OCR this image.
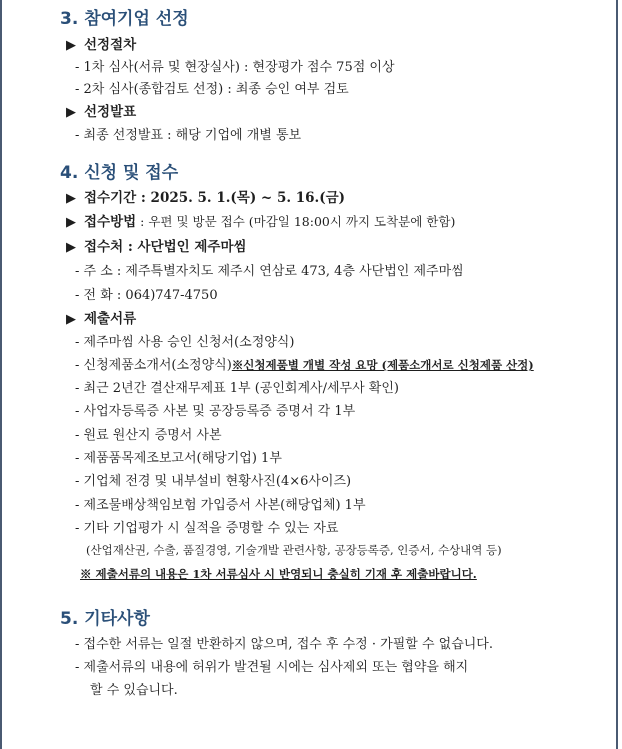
3. 참여기업 선정
▶ 선정절차
- 1차 심사(서류 및 현장실사) : 현장평가 점수 75점 이상
- 2차 심사(종합검토 선정) : 최종 승인 여부 검토
▶ 선정발표
- 최종 선정발표 : 해당 기업에 개별 통보
4. 신청 및 접수
▶ 접수기간 : 2025. 5. 1.(목) ~ 5. 16.(금)
▶ 접수방법 : 우편 및 방문 접수 (마감일 18:00시 까지 도착분에 한함)
▶ 접수처 : 사단법인 제주마씸
- 주 소 : 제주특별자치도 제주시 연삼로 473, 4층 사단법인 제주마씸
- 전 화 : 064)747-4750
▶ 제출서류
- 제주마씸 사용 승인 신청서(소정양식)
- 신청제품소개서(소정양식)※신청제품별 개별 작성 요망 (제품소개서로 신청제품 산정)
- 최근 2년간 결산재무제표 1부 (공인회계사/세무사 확인)
- 사업자등록증 사본 및 공장등록증 증명서 각 1부
- 원료 원산지 증명서 사본
- 제품품목제조보고서(해당기업) 1부
- 기업체 전경 및 내부설비 현황사진(4×6사이즈)
- 제조물배상책임보험 가입증서 사본(해당업체) 1부
- 기타 기업평가 시 실적을 증명할 수 있는 자료
(산업재산권, 수출, 품질경영, 기술개발 관련사항, 공장등록증, 인증서, 수상내역 등)
※ 제출서류의 내용은 1차 서류심사 시 반영되니 충실히 기재 후 제출바랍니다.
5. 기타사항
- 접수한 서류는 일절 반환하지 않으며, 접수 후 수정 · 가필할 수 없습니다.
- 제출서류의 내용에 허위가 발견될 시에는 심사제외 또는 협약을 해지
할 수 있습니다.
